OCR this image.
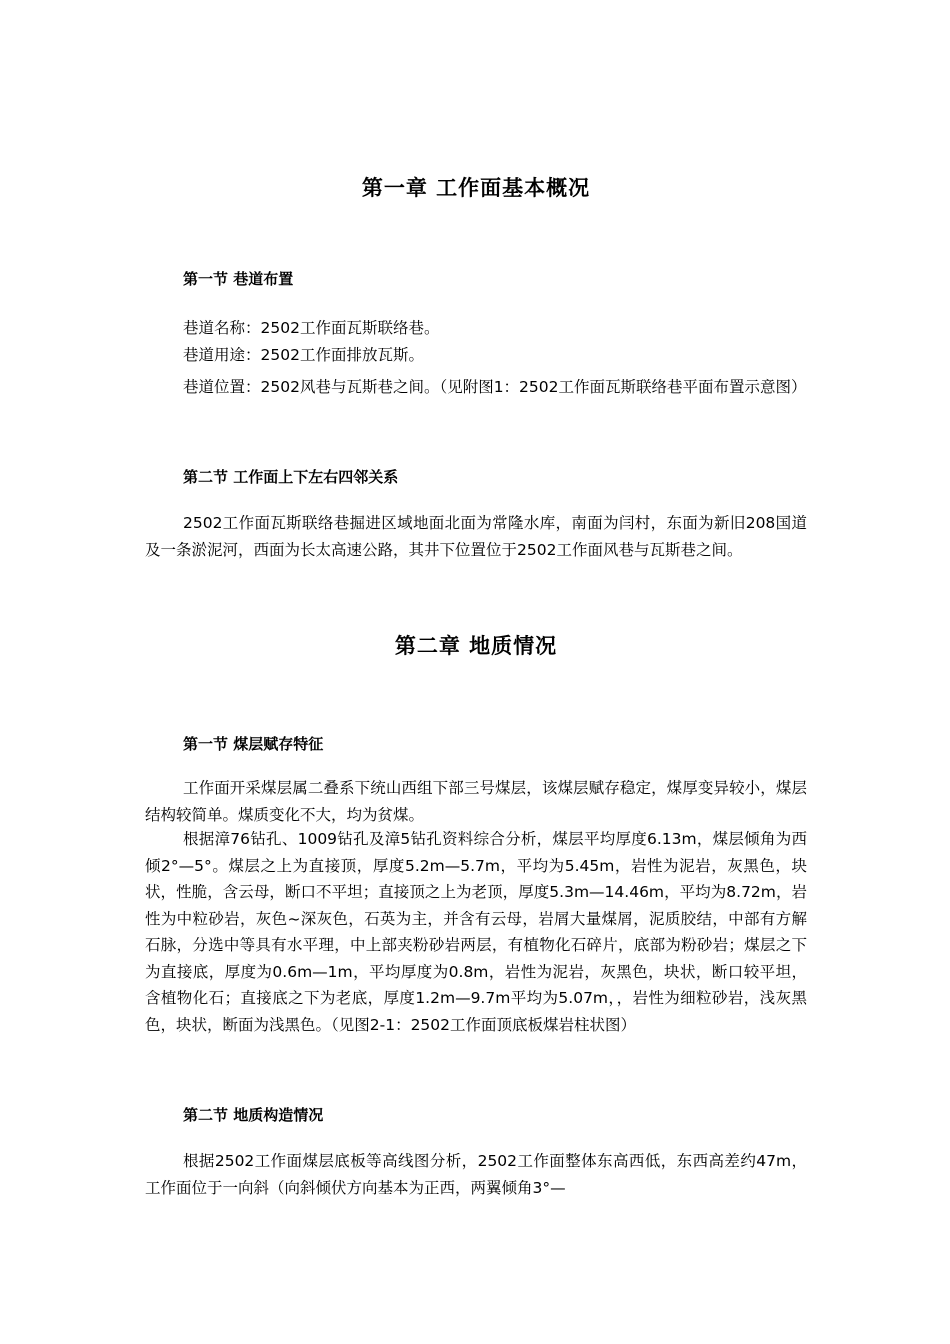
第一章 工作面基本概况
第一节 巷道布置

巷道名称：2502工作面瓦斯联络巷。

巷道用途：2502工作面排放瓦斯。

巷道位置：2502风巷与瓦斯巷之间。（见附图1：2502工作面瓦斯联络巷平面布置示意图）

第二节 工作面上下左右四邻关系

2502工作面瓦斯联络巷掘进区域地面北面为常隆水库，南面为闫村，东面为新旧208国道及一条淤泥河，西面为长太高速公路，其井下位置位于2502工作面风巷与瓦斯巷之间。

第二章 地质情况
第一节 煤层赋存特征

工作面开采煤层属二叠系下统山西组下部三号煤层，该煤层赋存稳定，煤厚变异较小，煤层结构较简单。煤质变化不大，均为贫煤。

根据漳76钻孔、1009钻孔及漳5钻孔资料综合分析，煤层平均厚度6.13m，煤层倾角为西倾2°—5°。煤层之上为直接顶，厚度5.2m—5.7m，平均为5.45m，岩性为泥岩，灰黑色，块状，性脆，含云母，断口不平坦；直接顶之上为老顶，厚度5.3m—14.46m，平均为8.72m，岩性为中粒砂岩，灰色~深灰色，石英为主，并含有云母，岩屑大量煤屑，泥质胶结，中部有方解石脉，分选中等具有水平理，中上部夹粉砂岩两层，有植物化石碎片，底部为粉砂岩；煤层之下为直接底，厚度为0.6m—1m，平均厚度为0.8m，岩性为泥岩，灰黑色，块状，断口较平坦，含植物化石；直接底之下为老底，厚度1.2m—9.7m平均为5.07m，，岩性为细粒砂岩，浅灰黑色，块状，断面为浅黑色。（见图2-1：2502工作面顶底板煤岩柱状图）

第二节 地质构造情况

根据2502工作面煤层底板等高线图分析，2502工作面整体东高西低，东西高差约47m，工作面位于一向斜（向斜倾伏方向基本为正西，两翼倾角3°—
